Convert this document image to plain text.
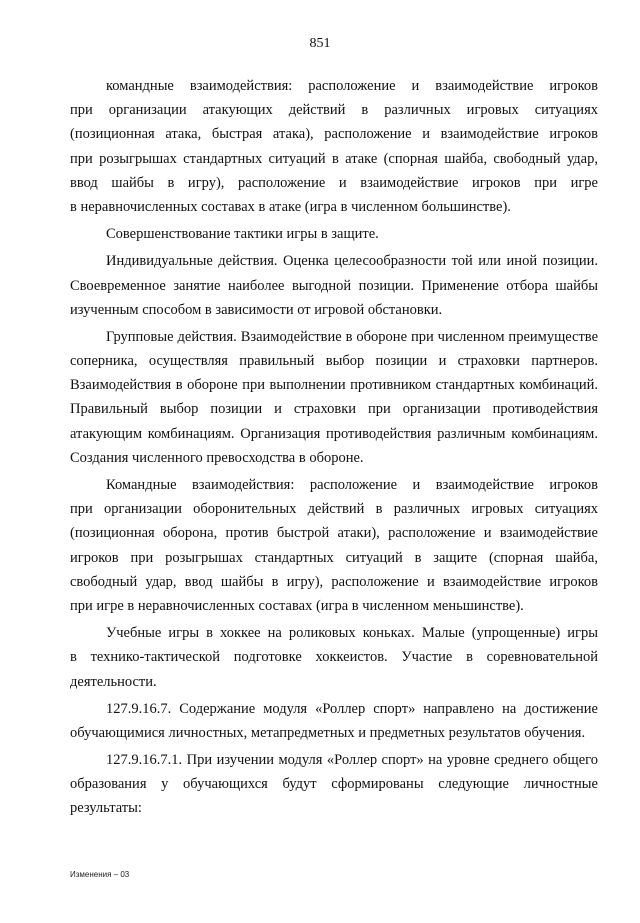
851
командные взаимодействия: расположение и взаимодействие игроков
при организации атакующих действий в различных игровых ситуациях
(позиционная атака, быстрая атака), расположение и взаимодействие игроков
при розыгрышах стандартных ситуаций в атаке (спорная шайба, свободный удар,
ввод шайбы в игру), расположение и взаимодействие игроков при игре
в неравночисленных составах в атаке (игра в численном большинстве).
Совершенствование тактики игры в защите.
Индивидуальные действия. Оценка целесообразности той или иной позиции.
Своевременное занятие наиболее выгодной позиции. Применение отбора шайбы
изученным способом в зависимости от игровой обстановки.
Групповые действия. Взаимодействие в обороне при численном преимуществе
соперника, осуществляя правильный выбор позиции и страховки партнеров.
Взаимодействия в обороне при выполнении противником стандартных комбинаций.
Правильный выбор позиции и страховки при организации противодействия
атакующим комбинациям. Организация противодействия различным комбинациям.
Создания численного превосходства в обороне.
Командные взаимодействия: расположение и взаимодействие игроков
при организации оборонительных действий в различных игровых ситуациях
(позиционная оборона, против быстрой атаки), расположение и взаимодействие
игроков при розыгрышах стандартных ситуаций в защите (спорная шайба,
свободный удар, ввод шайбы в игру), расположение и взаимодействие игроков
при игре в неравночисленных составах (игра в численном меньшинстве).
Учебные игры в хоккее на роликовых коньках. Малые (упрощенные) игры
в технико-тактической подготовке хоккеистов. Участие в соревновательной
деятельности.
127.9.16.7. Содержание модуля «Роллер спорт» направлено на достижение
обучающимися личностных, метапредметных и предметных результатов обучения.
127.9.16.7.1. При изучении модуля «Роллер спорт» на уровне среднего общего
образования у обучающихся будут сформированы следующие личностные
результаты:
Изменения – 03
